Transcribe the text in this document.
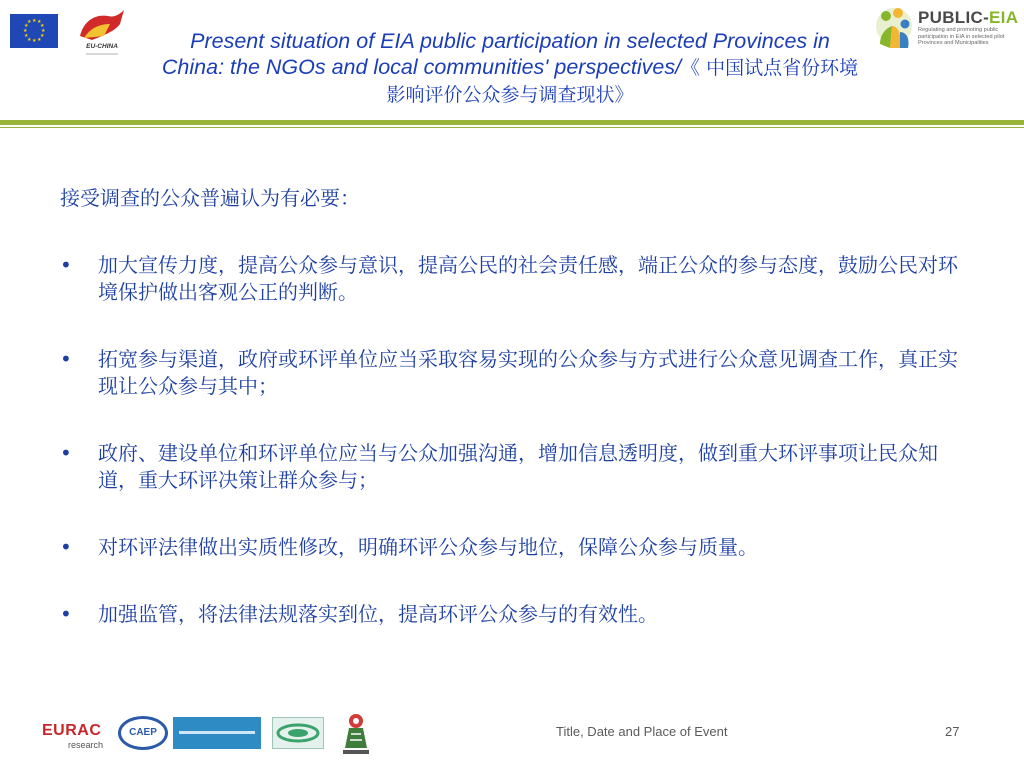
★ ★
★
★
★
★
★
★
★
★
★
★
EU-CHINA	Present situation of EIA public participation in selected Provinces in China: the NGOs and local communities' perspectives/《 中国试点省份环境影响评价公众参与调查现状》
PUBLIC-EIA
Regulating and promoting public participation in EIA in selected pilot Provinces and Municipalities
接受调查的公众普遍认为有必要：
• 加大宣传力度，提高公众参与意识，提高公民的社会责任感，端正公众的参与态度，鼓励公民对环境保护做出客观公正的判断。
• 拓宽参与渠道，政府或环评单位应当采取容易实现的公众参与方式进行公众意见调查工作，真正实现让公众参与其中；
• 政府、建设单位和环评单位应当与公众加强沟通，增加信息透明度，做到重大环评事项让民众知道，重大环评决策让群众参与；
• 对环评法律做出实质性修改，明确环评公众参与地位，保障公众参与质量。
• 加强监管，将法律法规落实到位，提高环评公众参与的有效性。
EURAC
research
CAEP	Title, Date and Place of Event	27
